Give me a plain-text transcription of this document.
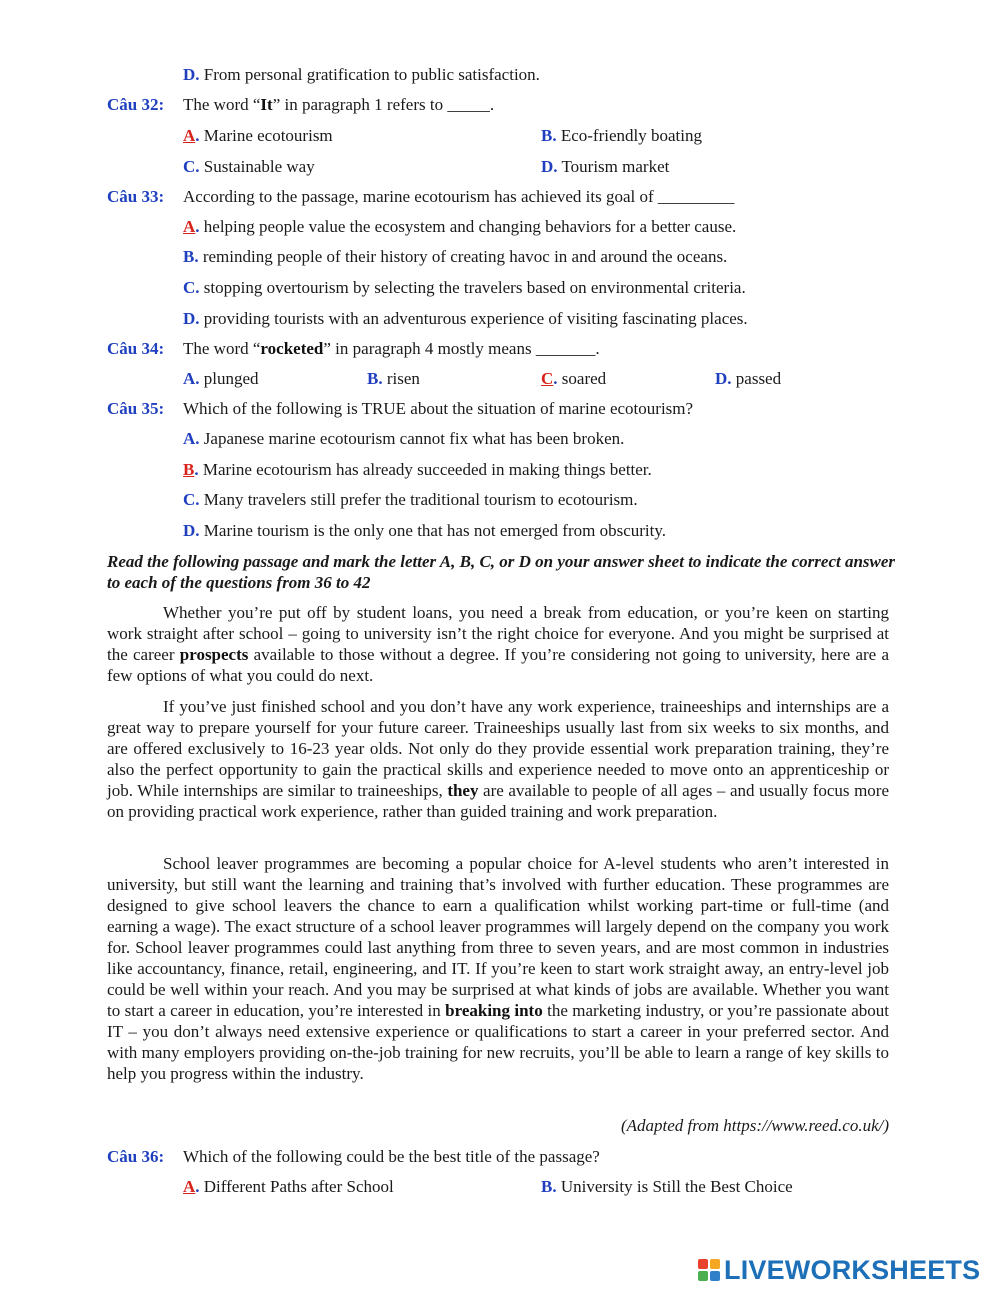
D. From personal gratification to public satisfaction.
Câu 32: The word “It” in paragraph 1 refers to _____.
A. Marine ecotourism	B. Eco-friendly boating
C. Sustainable way	D. Tourism market
Câu 33: According to the passage, marine ecotourism has achieved its goal of _________
A. helping people value the ecosystem and changing behaviors for a better cause.
B. reminding people of their history of creating havoc in and around the oceans.
C. stopping overtourism by selecting the travelers based on environmental criteria.
D. providing tourists with an adventurous experience of visiting fascinating places.
Câu 34: The word “rocketed” in paragraph 4 mostly means _______.
A. plunged	B. risen	C. soared	D. passed
Câu 35: Which of the following is TRUE about the situation of marine ecotourism?
A. Japanese marine ecotourism cannot fix what has been broken.
B. Marine ecotourism has already succeeded in making things better.
C. Many travelers still prefer the traditional tourism to ecotourism.
D. Marine tourism is the only one that has not emerged from obscurity.
Read the following passage and mark the letter A, B, C, or D on your answer sheet to indicate the correct answer to each of the questions from 36 to 42
Whether you’re put off by student loans, you need a break from education, or you’re keen on starting work straight after school – going to university isn’t the right choice for everyone. And you might be surprised at the career prospects available to those without a degree. If you’re considering not going to university, here are a few options of what you could do next.
If you’ve just finished school and you don’t have any work experience, traineeships and internships are a great way to prepare yourself for your future career. Traineeships usually last from six weeks to six months, and are offered exclusively to 16-23 year olds. Not only do they provide essential work preparation training, they’re also the perfect opportunity to gain the practical skills and experience needed to move onto an apprenticeship or job. While internships are similar to traineeships, they are available to people of all ages – and usually focus more on providing practical work experience, rather than guided training and work preparation.
School leaver programmes are becoming a popular choice for A-level students who aren’t interested in university, but still want the learning and training that’s involved with further education. These programmes are designed to give school leavers the chance to earn a qualification whilst working part-time or full-time (and earning a wage). The exact structure of a school leaver programmes will largely depend on the company you work for. School leaver programmes could last anything from three to seven years, and are most common in industries like accountancy, finance, retail, engineering, and IT. If you’re keen to start work straight away, an entry-level job could be well within your reach. And you may be surprised at what kinds of jobs are available. Whether you want to start a career in education, you’re interested in breaking into the marketing industry, or you’re passionate about IT – you don’t always need extensive experience or qualifications to start a career in your preferred sector. And with many employers providing on-the-job training for new recruits, you’ll be able to learn a range of key skills to help you progress within the industry.
(Adapted from https://www.reed.co.uk/)
Câu 36: Which of the following could be the best title of the passage?
A. Different Paths after School	B. University is Still the Best Choice
LIVEWORKSHEETS
